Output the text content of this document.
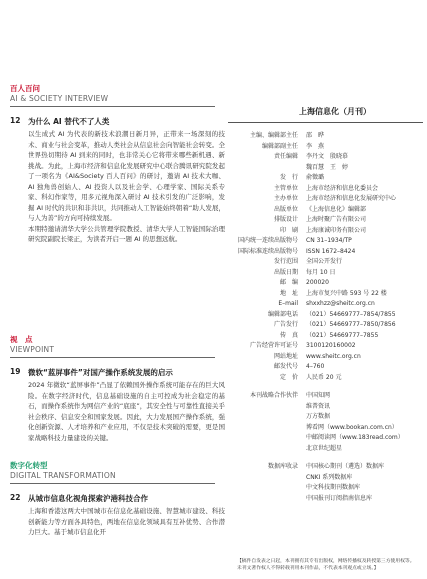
百人百问
AI & SOCIETY INTERVIEW
12 为什么 AI 替代不了人类

以生成式 AI 为代表的新技术浪潮日新月异，正带来一场深刻的技术、商业与社会变革，推动人类社会从信息社会向智能社会转变。全世界热切期待 AI 到来的同时，也非常关心它将带来哪些新机遇、新挑战。为此，上海市经济和信息化发展研究中心联合腾讯研究院发起了一项名为《AI&Society 百人百问》的研讨，邀请 AI 技术大咖、AI 独角兽创始人、AI 投资人以及社会学、心理学家、国际关系专家、科幻作家等，用多元视角深入研讨 AI 技术引发的广泛影响，发掘 AI 时代的共识和非共识，共同推动人工智能始终朝着“助人发展，与人为善”的方向可持续发展。

本期特邀请清华大学公共管理学院教授、清华大学人工智能国际治理研究院副院长梁正，为读者开启一题 AI 的思想远航。

视　点
VIEWPOINT
19 微软“蓝屏事件”对国产操作系统发展的启示

2024 年微软“蓝屏事件”凸显了依赖国外操作系统可能存在的巨大风险。在数字经济时代，信息基础设施的自主可控成为社会稳定的基石，而操作系统作为网信产业的“底座”，其安全性与可靠性直接关乎社会秩序、信息安全和国家发展。因此，大力发展国产操作系统，强化创新资源、人才培养和产业应用，不仅是技术突破的需要，更是国家战略科技力量建设的关键。

数字化转型
DIGITAL TRANSFORMATION
22 从城市信息化视角探索沪港科技合作

上海和香港这两大中国城市在信息化基础设施、智慧城市建设、科技创新能力等方面各具特色，两地在信息化领域具有互补优势、合作潜力巨大。基于城市信息化开

上海信息化（月刊）
主编、编辑部主任	邵　晔
编辑部副主任	李　燕
责任编辑	李丹文　殷晓慕
	魏百慧　王　婷
发　行	俞徵璐
主管单位	上海市经济和信息化委员会
主办单位	上海市经济和信息化发展研究中心
出版单位	《上海信息化》编辑部
排版设计	上海时聚广告有限公司
印　刷	上海康诚印务有限公司
国内统一连续出版物号	CN 31–1934/TP
国际标准连续出版物号	ISSN 1672–8424
发行范围	全国公开发行
出版日期	每月 10 日
邮　编	200020
地　址	上海市复兴中路 593 号 22 楼
E–mail	shxxhzz@sheitc.org.cn
编辑部电话	（021）54669777–7854/7855
广告发行	（021）54669777–7850/7856
传　真	（021）54669777–7855
广告经营许可证号	3100120160002
网站地址	www.sheitc.org.cn
邮发代号	4–760
定　价	人民币 20 元

本刊战略合作伙伴	中国知网
	维普资讯
	万方数据
	博看网（www.bookan.com.cn）
	中邮阅读网（www.183read.com）
	北京世纪超星

数据库收录	中国核心期刊（遴选）数据库
	CNKI 系列数据库
	中文科技期刊数据库
	中国报刊订阅指南信息库
【稿件自发表之日起，本刊拥有其专有出版权，网络传播权及转授第三方使用权等。未刊文著作权人不得转载刊用本刊作品，不代表本刊观点或立场。】
